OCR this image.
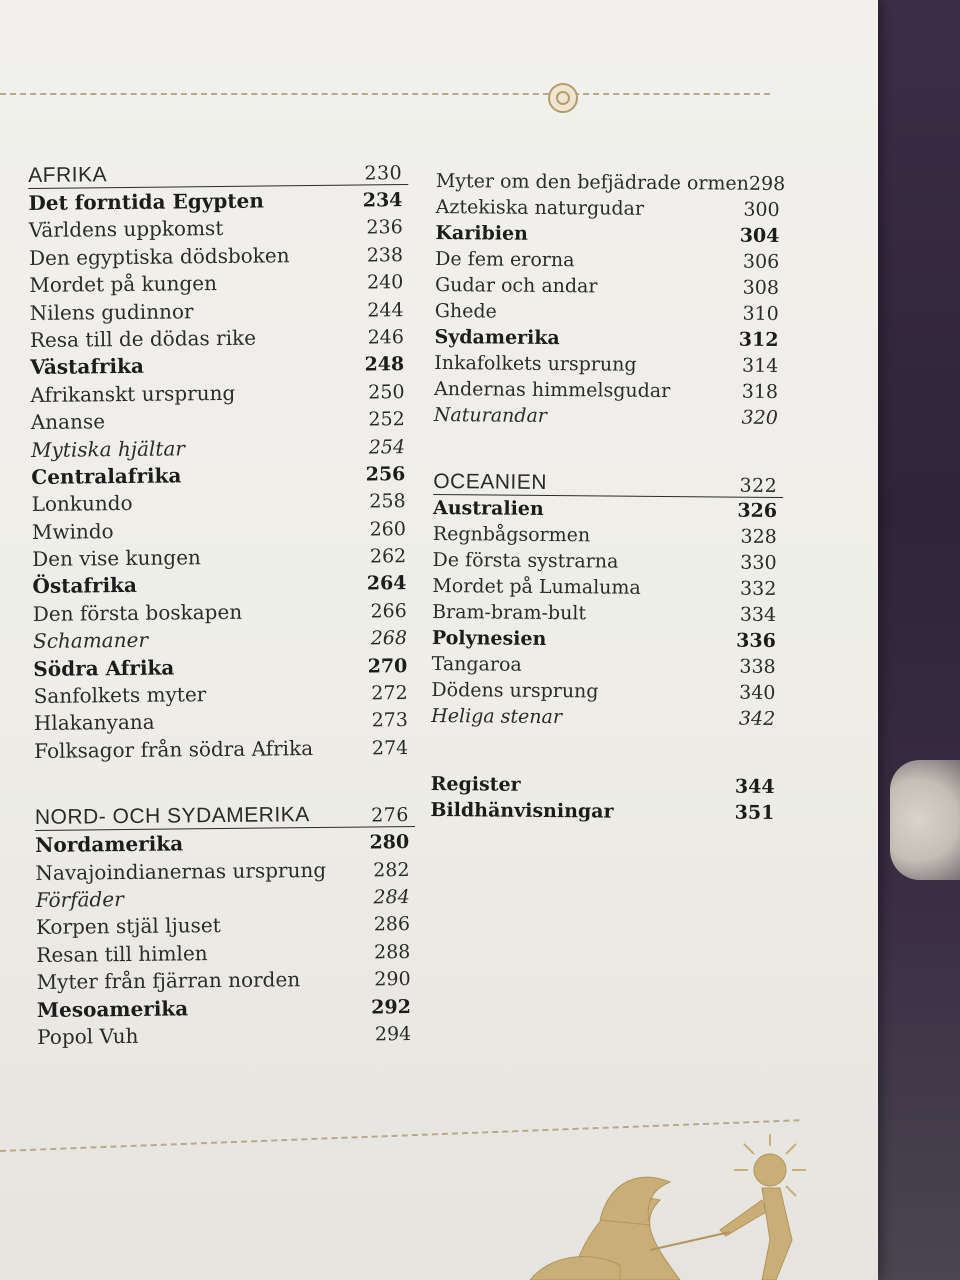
AFRIKA	230
Det forntida Egypten	234
Världens uppkomst	236
Den egyptiska dödsboken	238
Mordet på kungen	240
Nilens gudinnor	244
Resa till de dödas rike	246
Västafrika	248
Afrikanskt ursprung	250
Ananse	252
Mytiska hjältar	254
Centralafrika	256
Lonkundo	258
Mwindo	260
Den vise kungen	262
Östafrika	264
Den första boskapen	266
Schamaner	268
Södra Afrika	270
Sanfolkets myter	272
Hlakanyana	273
Folksagor från södra Afrika	274
NORD- OCH SYDAMERIKA	276
Nordamerika	280
Navajoindianernas ursprung 282
Förfäder	284
Korpen stjäl ljuset	286
Resan till himlen	288
Myter från fjärran norden	290
Mesoamerika	292
Popol Vuh	294
Myter om den befjädrade ormen 298
Aztekiska naturgudar	300
Karibien	304
De fem erorna	306
Gudar och andar	308
Ghede	310
Sydamerika	312
Inkafolkets ursprung	314
Andernas himmelsgudar	318
Naturandar	320
OCEANIEN	322
Australien	326
Regnbågsormen	328
De första systrarna	330
Mordet på Lumaluma	332
Bram-bram-bult	334
Polynesien	336
Tangaroa	338
Dödens ursprung	340
Heliga stenar	342
Register	344
Bildhänvisningar	351
